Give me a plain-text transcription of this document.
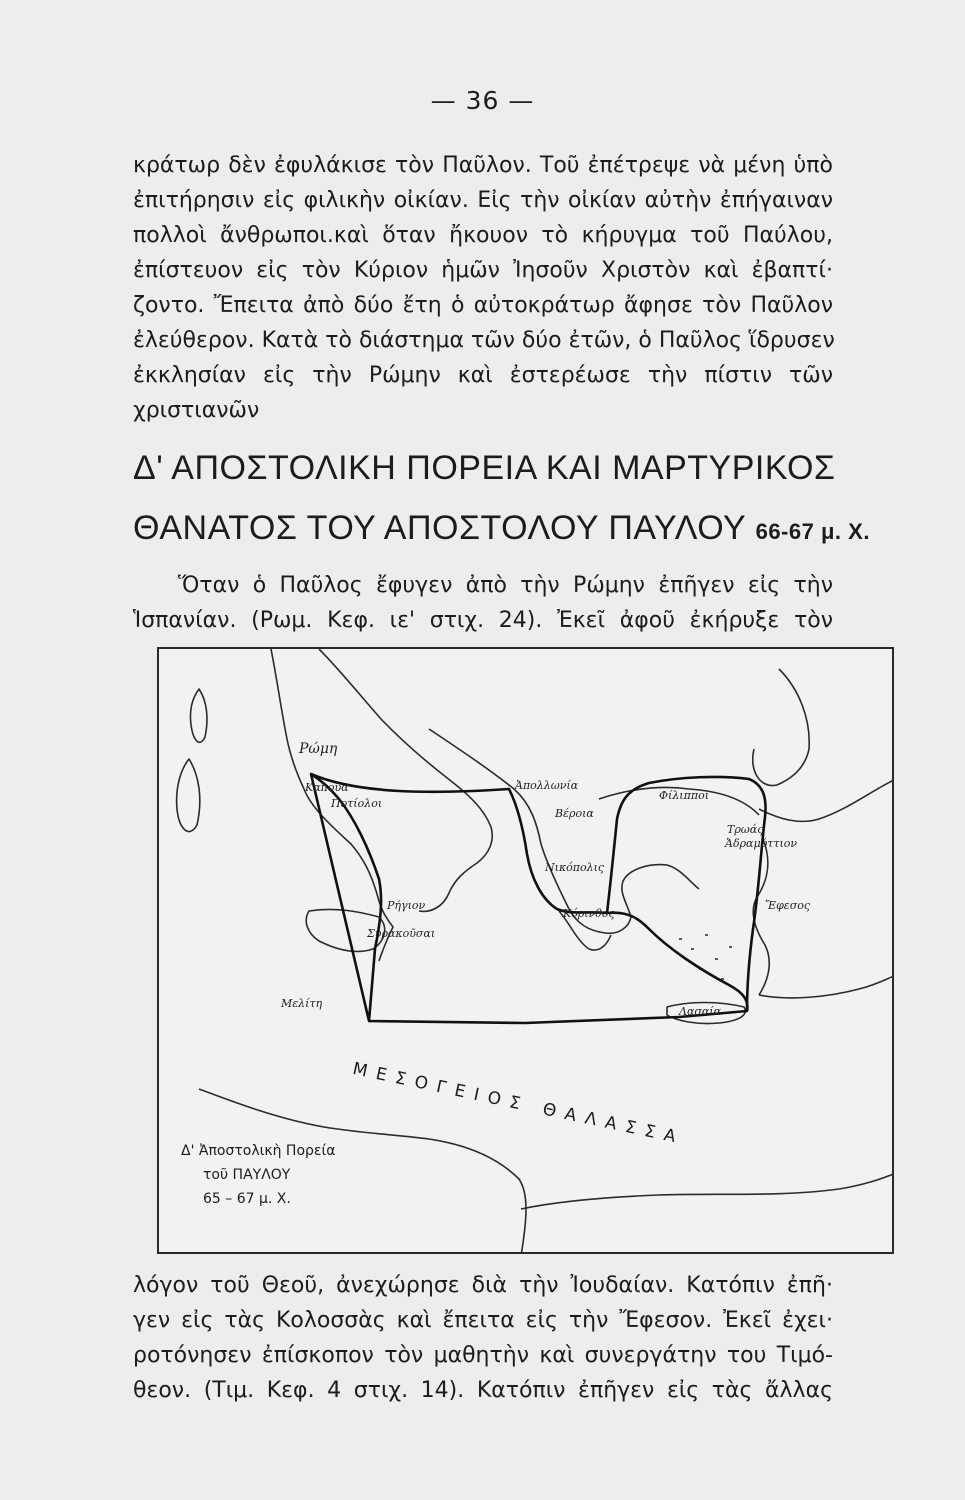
— 36 —

κράτωρ δὲν ἐφυλάκισε τὸν Παῦλον. Τοῦ ἐπέτρεψε νὰ μένη ὑπὸ
ἐπιτήρησιν εἰς φιλικὴν οἰκίαν. Εἰς τὴν οἰκίαν αὐτὴν ἐπήγαιναν
πολλοὶ ἄνθρωποι.καὶ ὅταν ἤκουον τὸ κήρυγμα τοῦ Παύλου,
ἐπίστευον εἰς τὸν Κύριον ἡμῶν Ἰησοῦν Χριστὸν καὶ ἐβαπτί·
ζοντο. Ἔπειτα ἀπὸ δύο ἔτη ὁ αὐτοκράτωρ ἄφησε τὸν Παῦλον
ἐλεύθερον. Κατὰ τὸ διάστημα τῶν δύο ἐτῶν, ὁ Παῦλος ἵδρυσεν
ἐκκλησίαν εἰς τὴν Ρώμην καὶ ἐστερέωσε τὴν πίστιν τῶν
χριστιανῶν

Δ' ΑΠΟΣΤΟΛΙΚΗ ΠΟΡΕΙΑ ΚΑΙ ΜΑΡΤΥΡΙΚΟΣ
ΘΑΝΑΤΟΣ ΤΟΥ ΑΠΟΣΤΟΛΟΥ ΠΑΥΛΟΥ 66-67 μ. Χ.

Ὅταν ὁ Παῦλος ἔφυγεν ἀπὸ τὴν Ρώμην ἐπῆγεν εἰς τὴν
Ἱσπανίαν. (Ρωμ. Κεφ. ιε' στιχ. 24). Ἐκεῖ ἀφοῦ ἐκήρυξε τὸν

Ρώμη
Καπούα
Ποτίολοι
Ρήγιον
Συρακοῦσαι
Μελίτη
Ἀπολλωνία
Βέροια
Νικόπολις
Κόρινθος
Φίλιπποι
Τρωάς
Ἀδραμύττιον
Ἔφεσος
Λασαία
ΜΕΣΟΓΕΙΟΣ ΘΑΛΑΣΣΑ
Δ' Ἀποστολικὴ Πορεία
τοῦ ΠΑΥΛΟΥ
65 – 67 μ. Χ.

λόγον τοῦ Θεοῦ, ἀνεχώρησε διὰ τὴν Ἰουδαίαν. Κατόπιν ἐπῆ·
γεν εἰς τὰς Κολοσσὰς καὶ ἔπειτα εἰς τὴν Ἔφεσον. Ἐκεῖ ἐχει·
ροτόνησεν ἐπίσκοπον τὸν μαθητὴν καὶ συνεργάτην του Τιμό-
θεον. (Τιμ. Κεφ. 4 στιχ. 14). Κατόπιν ἐπῆγεν εἰς τὰς ἄλλας
